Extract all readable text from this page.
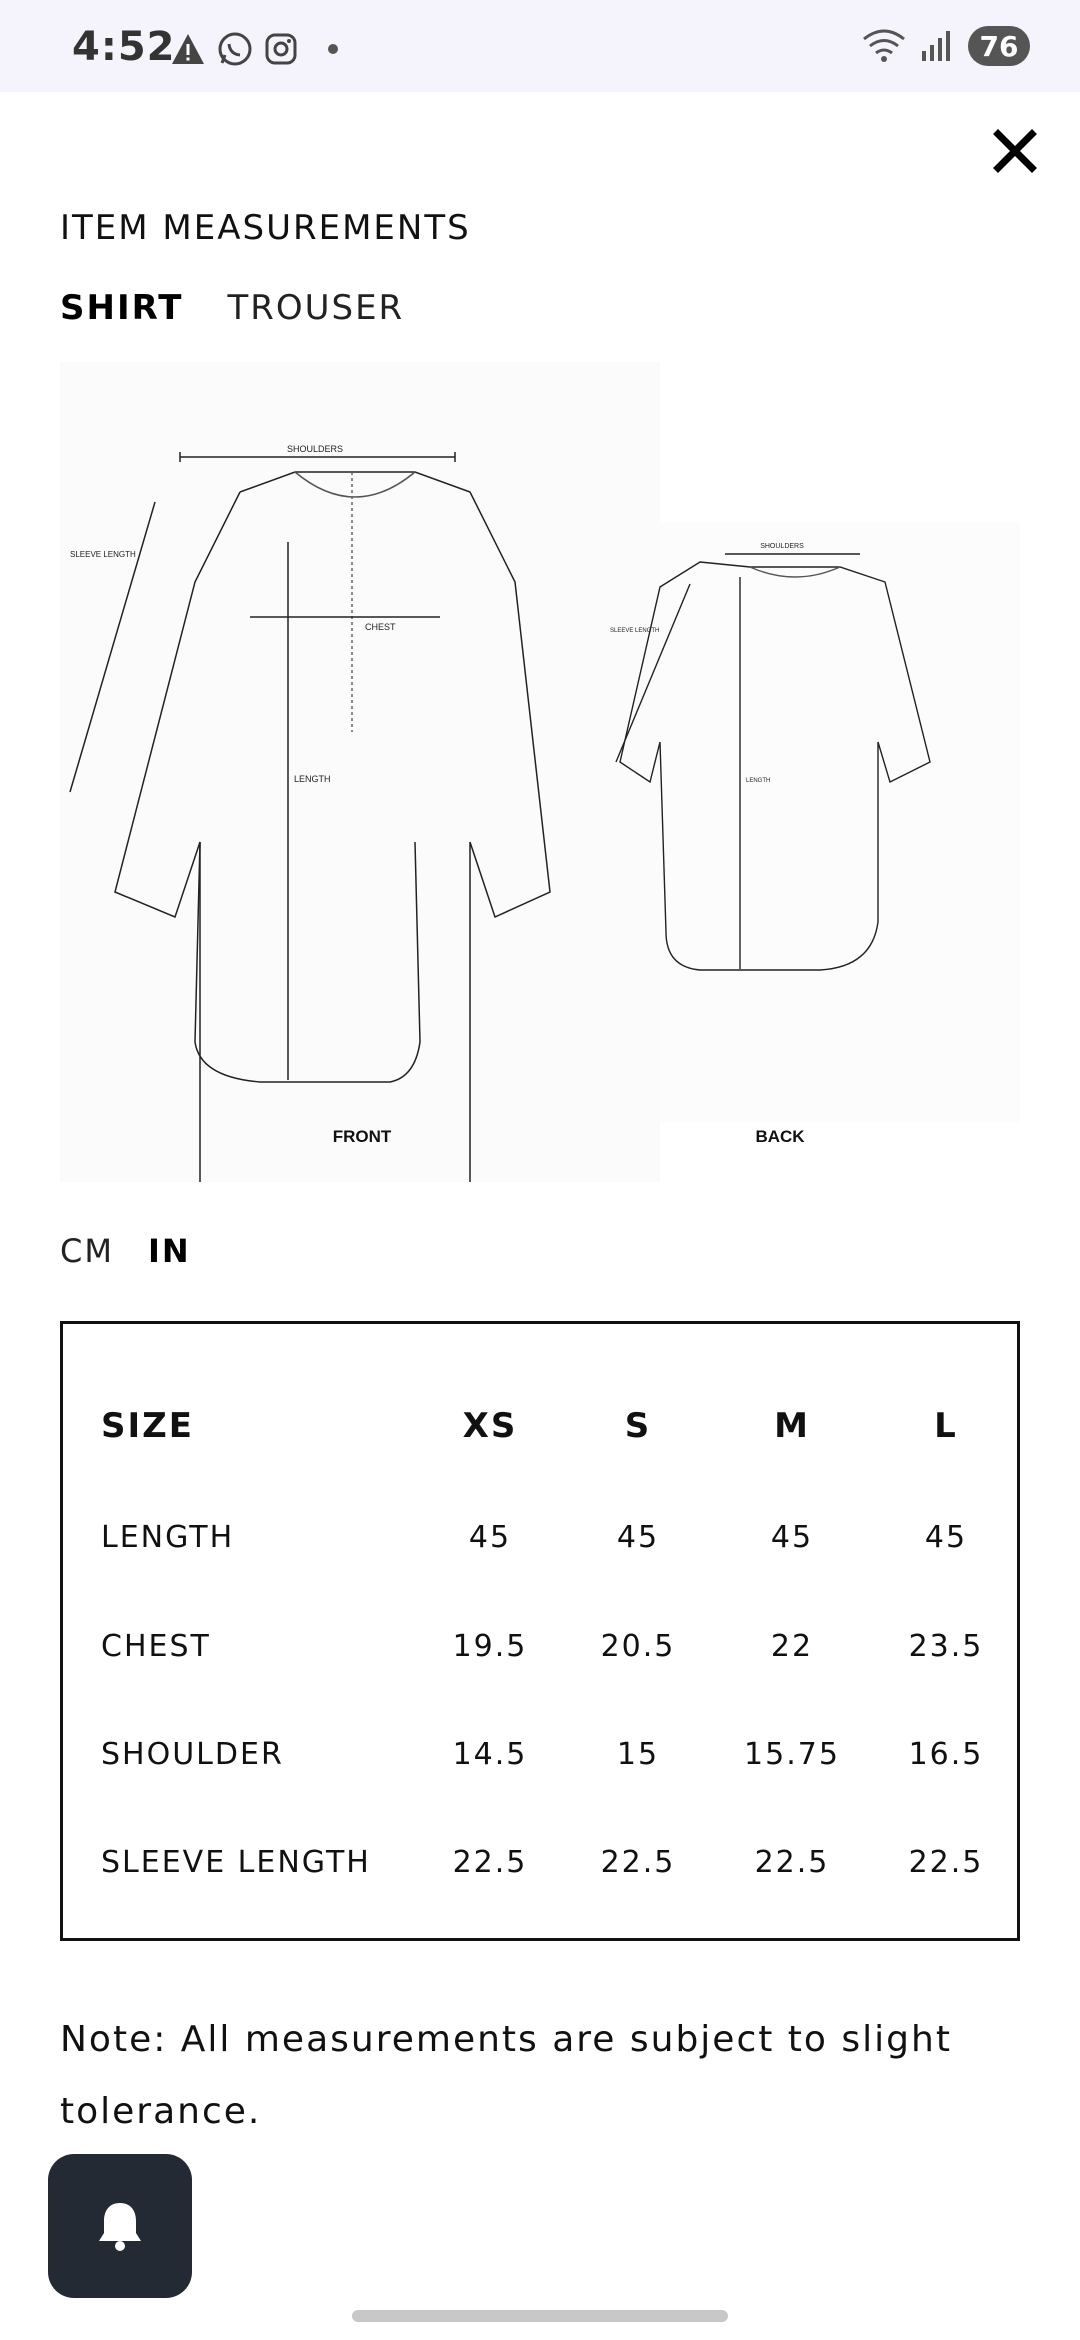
4:52	76
ITEM MEASUREMENTS
SHIRT TROUSER
SHOULDERS
SLEEVE LENGTH
CHEST
LENGTH
FRONT
SHOULDERS
SLEEVE LENGTH
LENGTH
BACK
CM IN
SIZE	XS	S	M	L
LENGTH	45	45	45	45
CHEST	19.5	20.5	22	23.5
SHOULDER	14.5	15	15.75	16.5
SLEEVE LENGTH	22.5	22.5	22.5	22.5
Note: All measurements are subject to slight tolerance.
